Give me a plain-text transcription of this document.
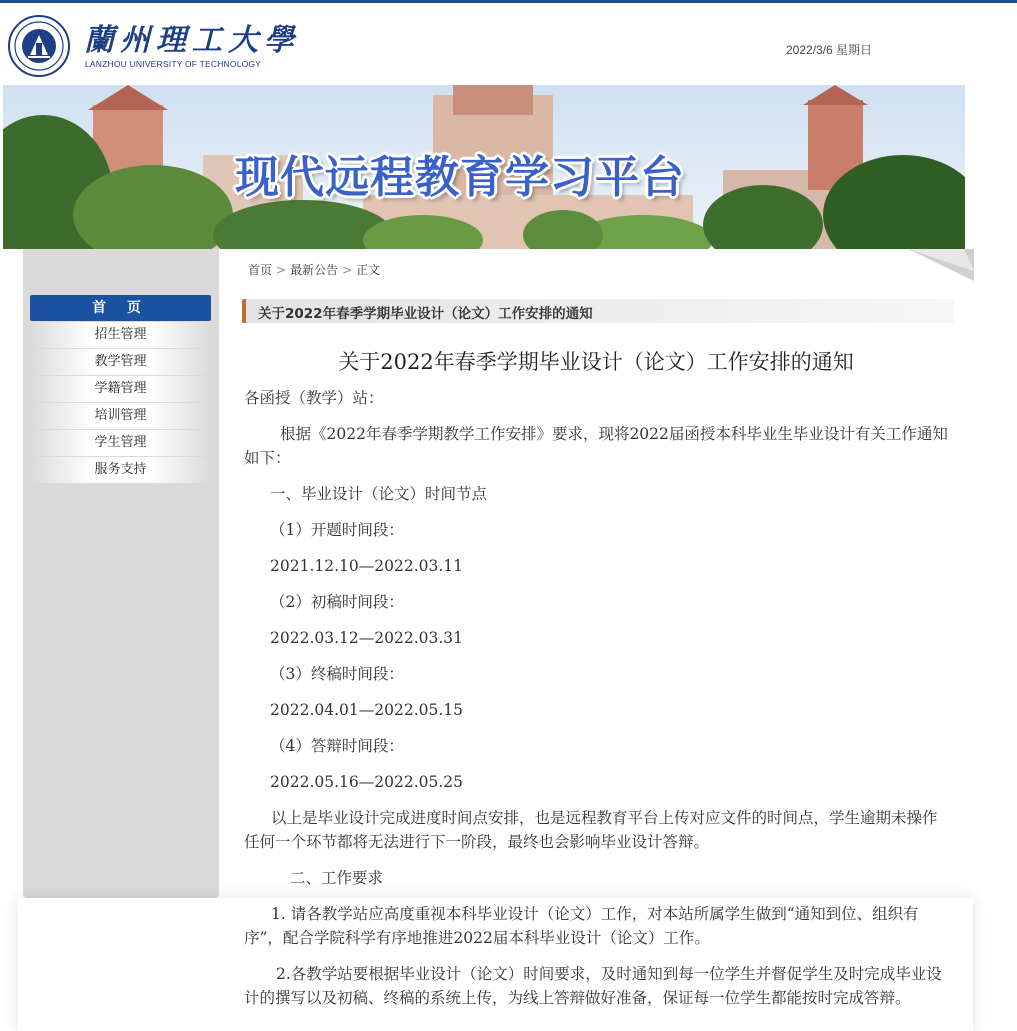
蘭州理工大學
LANZHOU UNIVERSITY OF TECHNOLOGY
2022/3/6 星期日
现代远程教育学习平台
首 页
招生管理
教学管理
学籍管理
培训管理
学生管理
服务支持
首页 > 最新公告 > 正文
关于2022年春季学期毕业设计（论文）工作安排的通知
关于2022年春季学期毕业设计（论文）工作安排的通知
各函授（教学）站：
根据《2022年春季学期教学工作安排》要求，现将2022届函授本科毕业生毕业设计有关工作通知如下：
一、毕业设计（论文）时间节点
（1）开题时间段：
2021.12.10—2022.03.11
（2）初稿时间段：
2022.03.12—2022.03.31
（3）终稿时间段：
2022.04.01—2022.05.15
（4）答辩时间段：
2022.05.16—2022.05.25
以上是毕业设计完成进度时间点安排，也是远程教育平台上传对应文件的时间点，学生逾期未操作任何一个环节都将无法进行下一阶段，最终也会影响毕业设计答辩。
二、工作要求
1. 请各教学站应高度重视本科毕业设计（论文）工作，对本站所属学生做到“通知到位、组织有序”，配合学院科学有序地推进2022届本科毕业设计（论文）工作。
2.各教学站要根据毕业设计（论文）时间要求，及时通知到每一位学生并督促学生及时完成毕业设计的撰写以及初稿、终稿的系统上传，为线上答辩做好准备，保证每一位学生都能按时完成答辩。
